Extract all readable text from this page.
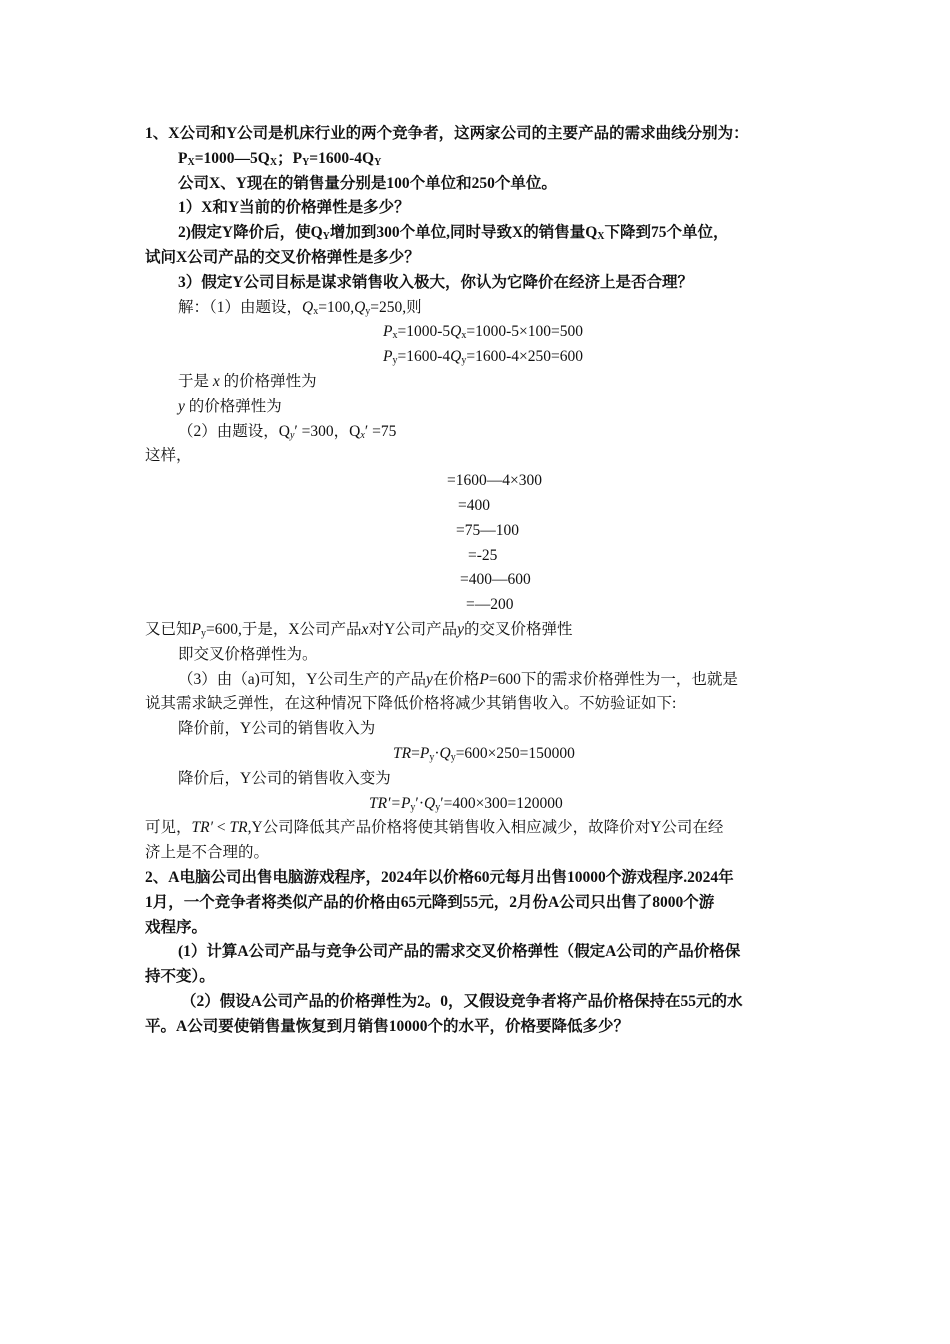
1、X公司和Y公司是机床行业的两个竞争者，这两家公司的主要产品的需求曲线分别为：
$P_X=1000—5Q_X$；$P_Y=1600-4Q_Y$
公司X、Y现在的销售量分别是100个单位和250个单位。
1）X和Y当前的价格弹性是多少？
2)假定Y降价后，使$Q_Y$增加到300个单位,同时导致X的销售量$Q_X$下降到75个单位，
试问X公司产品的交叉价格弹性是多少？
3）假定Y公司目标是谋求销售收入极大，你认为它降价在经济上是否合理？
解：（1）由题设，$Q_x=100,Q_y=250$,则
$P_x=1000-5Q_x=1000-5\times 100=500$
$P_y=1600-4Q_y=1600-4\times 250=600$
于是 x 的价格弹性为
y 的价格弹性为
（2）由题设，$Q_y' =300$，$Q_x' =75$
这样，
=1600—4×300
=400
=75—100
=-25
=400—600
=—200
又已知$P_y=600$,于是，X公司产品x对Y公司产品y的交叉价格弹性
即交叉价格弹性为。
（3）由（a)可知，Y公司生产的产品y在价格P=600下的需求价格弹性为一，也就是
说其需求缺乏弹性，在这种情况下降低价格将减少其销售收入。不妨验证如下:
降价前，Y公司的销售收入为
$TR=P_y\cdot Q_y=600\times 250=150000$
降价后，Y公司的销售收入变为
$TR'=P_y'\cdot Q_y'=400\times 300=120000$
可见，TR′ < TR,Y公司降低其产品价格将使其销售收入相应减少，故降价对Y公司在经
济上是不合理的。
2、A电脑公司出售电脑游戏程序，2024年以价格60元每月出售10000个游戏程序.2024年
1月，一个竞争者将类似产品的价格由65元降到55元，2月份A公司只出售了8000个游
戏程序。
(1）计算A公司产品与竞争公司产品的需求交叉价格弹性（假定A公司的产品价格保
持不变）。
（2）假设A公司产品的价格弹性为2。0，又假设竞争者将产品价格保持在55元的水
平。A公司要使销售量恢复到月销售10000个的水平，价格要降低多少？
